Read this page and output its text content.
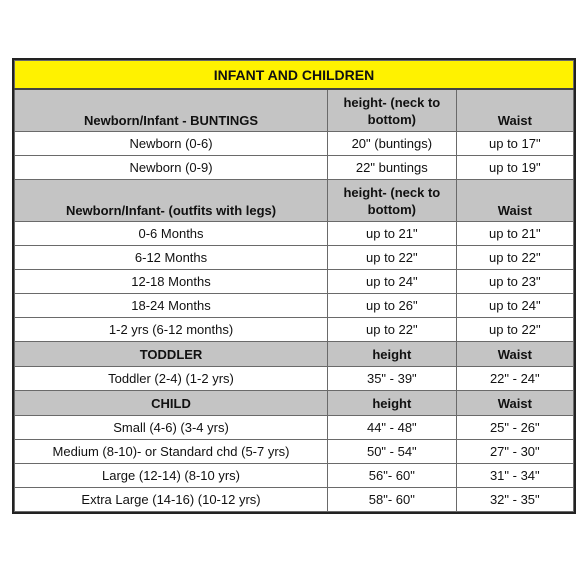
INFANT AND CHILDREN		
Newborn/Infant - BUNTINGS	height- (neck to bottom)	Waist
Newborn (0-6)	20" (buntings)	up to 17"
Newborn (0-9)	22" buntings	up to 19"
Newborn/Infant- (outfits with legs)	height- (neck to bottom)	Waist
0-6 Months	up to 21"	up to 21"
6-12 Months	up to 22"	up to 22"
12-18 Months	up to 24"	up to 23"
18-24 Months	up to 26"	up to 24"
1-2 yrs (6-12 months)	up to 22"	up to 22"
TODDLER	height	Waist
Toddler (2-4) (1-2 yrs)	35" - 39"	22" - 24"
CHILD	height	Waist
Small (4-6) (3-4 yrs)	44" - 48"	25" - 26"
Medium (8-10)- or Standard chd (5-7 yrs)	50" - 54"	27" - 30"
Large (12-14) (8-10 yrs)	56"- 60"	31" - 34"
Extra Large (14-16) (10-12 yrs)	58"- 60"	32" - 35"
